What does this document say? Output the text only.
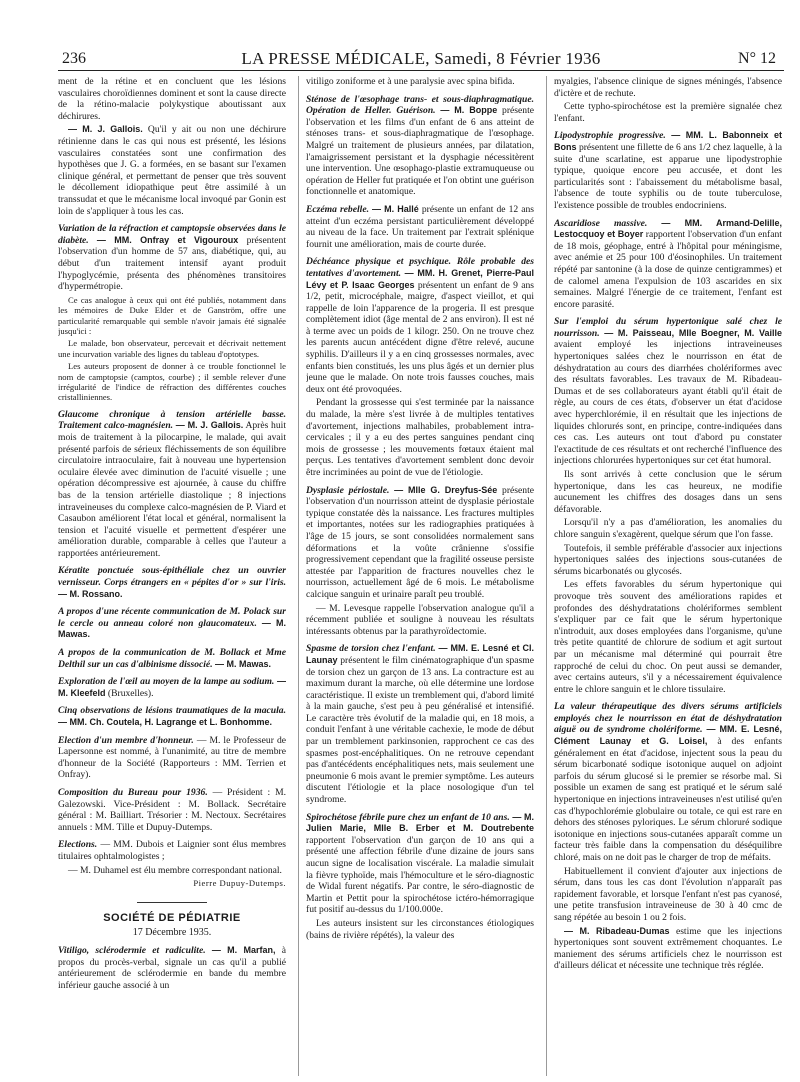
236	LA PRESSE MÉDICALE, Samedi, 8 Février 1936	N° 12

ment de la rétine et en concluent que les lésions vasculaires choroïdiennes dominent et sont la cause directe de la rétino-malacie polykystique aboutissant aux déchirures.

— M. J. Gallois. Qu'il y ait ou non une déchirure rétinienne dans le cas qui nous est présenté, les lésions vasculaires constatées sont une confirmation des hypothèses que J. G. a formées, en se basant sur l'examen clinique général, et permettant de penser que très souvent le décollement idiopathique peut être assimilé à un transsudat et que le mécanisme local invoqué par Gonin est loin de s'appliquer à tous les cas.

Variation de la réfraction et camptopsie observées dans le diabète. — MM. Onfray et Vigouroux présentent l'observation d'un homme de 57 ans, diabétique, qui, au début d'un traitement intensif ayant produit l'hypoglycémie, présenta des phénomènes transitoires d'hypermétropie.

Ce cas analogue à ceux qui ont été publiés, notamment dans les mémoires de Duke Elder et de Ganström, offre une particularité remarquable qui semble n'avoir jamais été signalée jusqu'ici :

Le malade, bon observateur, percevait et décrivait nettement une incurvation variable des lignes du tableau d'optotypes.

Les auteurs proposent de donner à ce trouble fonctionnel le nom de camptopsie (camptos, courbe) ; il semble relever d'une irrégularité de l'indice de réfraction des différentes couches cristalliniennes.

Glaucome chronique à tension artérielle basse. Traitement calco-magnésien. — M. J. Gallois. Après huit mois de traitement à la pilocarpine, le malade, qui avait présenté parfois de sérieux fléchissements de son équilibre circulatoire intraoculaire, fait à nouveau une hypertension oculaire élevée avec diminution de l'acuité visuelle ; une opération décompressive est ajournée, à cause du chiffre bas de la tension artérielle diastolique ; 8 injections intraveineuses du complexe calco-magnésien de P. Viard et Casaubon améliorent l'état local et général, normalisent la tension et l'acuité visuelle et permettent d'espérer une amélioration durable, comparable à celles que l'auteur a rapportées antérieurement.

Kératite ponctuée sous-épithéliale chez un ouvrier vernisseur. Corps étrangers en « pépites d'or » sur l'iris. — M. Rossano.

A propos d'une récente communication de M. Polack sur le cercle ou anneau coloré non glaucomateux. — M. Mawas.

A propos de la communication de M. Bollack et Mme Delthil sur un cas d'albinisme dissocié. — M. Mawas.

Exploration de l'œil au moyen de la lampe au sodium. — M. Kleefeld (Bruxelles).

Cinq observations de lésions traumatiques de la macula. — MM. Ch. Coutela, H. Lagrange et L. Bonhomme.

Election d'un membre d'honneur. — M. le Professeur de Lapersonne est nommé, à l'unanimité, au titre de membre d'honneur de la Société (Rapporteurs : MM. Terrien et Onfray).

Composition du Bureau pour 1936. — Président : M. Galezowski. Vice-Président : M. Bollack. Secrétaire général : M. Bailliart. Trésorier : M. Nectoux. Secrétaires annuels : MM. Tille et Dupuy-Dutemps.

Elections. — MM. Dubois et Laignier sont élus membres titulaires ophtalmologistes ;

— M. Duhamel est élu membre correspondant national.

Pierre Dupuy-Dutemps.

SOCIÉTÉ DE PÉDIATRIE
17 Décembre 1935.

Vitiligo, sclérodermie et radiculite. — M. Marfan, à propos du procès-verbal, signale un cas qu'il a publié antérieurement de sclérodermie en bande du membre inférieur gauche associé à un

vitiligo zoniforme et à une paralysie avec spina bifida.

Sténose de l'œsophage trans- et sous-diaphragmatique. Opération de Heller. Guérison. — M. Boppe présente l'observation et les films d'un enfant de 6 ans atteint de sténoses trans- et sous-diaphragmatique de l'œsophage. Malgré un traitement de plusieurs années, par dilatation, l'amaigrissement persistant et la dysphagie nécessitèrent une intervention. Une œsophago-plastie extramuqueuse ou opération de Heller fut pratiquée et l'on obtint une guérison fonctionnelle et anatomique.

Eczéma rebelle. — M. Hallé présente un enfant de 12 ans atteint d'un eczéma persistant particulièrement développé au niveau de la face. Un traitement par l'extrait splénique fournit une amélioration, mais de courte durée.

Déchéance physique et psychique. Rôle probable des tentatives d'avortement. — MM. H. Grenet, Pierre-Paul Lévy et P. Isaac Georges présentent un enfant de 9 ans 1/2, petit, microcéphale, maigre, d'aspect vieillot, et qui rappelle de loin l'apparence de la progeria. Il est presque complètement idiot (âge mental de 2 ans environ). Il est né à terme avec un poids de 1 kilogr. 250. On ne trouve chez les parents aucun antécédent digne d'être relevé, aucune syphilis. D'ailleurs il y a en cinq grossesses normales, avec enfants bien constitués, les uns plus âgés et un dernier plus jeune que le malade. On note trois fausses couches, mais deux ont été provoquées.

Pendant la grossesse qui s'est terminée par la naissance du malade, la mère s'est livrée à de multiples tentatives d'avortement, injections malhabiles, probablement intra-cervicales ; il y a eu des pertes sanguines pendant cinq mois de grossesse ; les mouvements fœtaux étaient mal perçus. Les tentatives d'avortement semblent donc devoir être incriminées au point de vue de l'étiologie.

Dysplasie périostale. — Mlle G. Dreyfus-Sée présente l'observation d'un nourrisson atteint de dysplasie périostale typique constatée dès la naissance. Les fractures multiples et importantes, notées sur les radiographies pratiquées à l'âge de 15 jours, se sont consolidées normalement sans déformations et la voûte crânienne s'ossifie progressivement cependant que la fragilité osseuse persiste attestée par l'apparition de fractures nouvelles chez le nourrisson, actuellement âgé de 6 mois. Le métabolisme calcique sanguin et urinaire paraît peu troublé.

— M. Levesque rappelle l'observation analogue qu'il a récemment publiée et souligne à nouveau les résultats intéressants obtenus par la parathyroïdectomie.

Spasme de torsion chez l'enfant. — MM. E. Lesné et Cl. Launay présentent le film cinématographique d'un spasme de torsion chez un garçon de 13 ans. La contracture est au maximum durant la marche, où elle détermine une lordose caractéristique. Il existe un tremblement qui, d'abord limité à la main gauche, s'est peu à peu généralisé et intensifié. Le caractère très évolutif de la maladie qui, en 18 mois, a conduit l'enfant à une véritable cachexie, le mode de début par un tremblement parkinsonien, rapprochent ce cas des spasmes post-encéphalitiques. On ne retrouve cependant pas d'antécédents encéphalitiques nets, mais seulement une pneumonie 6 mois avant le premier symptôme. Les auteurs discutent l'étiologie et la place nosologique d'un tel syndrome.

Spirochétose fébrile pure chez un enfant de 10 ans. — M. Julien Marie, Mlle B. Erber et M. Doutrebente rapportent l'observation d'un garçon de 10 ans qui a présenté une affection fébrile d'une dizaine de jours sans aucun signe de localisation viscérale. La maladie simulait la fièvre typhoïde, mais l'hémoculture et le séro-diagnostic de Widal furent négatifs. Par contre, le séro-diagnostic de Martin et Pettit pour la spirochétose ictéro-hémorragique fut positif au-dessus du 1/100.000e.

Les auteurs insistent sur les circonstances étiologiques (bains de rivière répétés), la valeur des

myalgies, l'absence clinique de signes méningés, l'absence d'ictère et de rechute.

Cette typho-spirochétose est la première signalée chez l'enfant.

Lipodystrophie progressive. — MM. L. Babonneix et Bons présentent une fillette de 6 ans 1/2 chez laquelle, à la suite d'une scarlatine, est apparue une lipodystrophie typique, quoique encore peu accusée, et dont les particularités sont : l'abaissement du métabolisme basal, l'absence de toute syphilis ou de toute tuberculose, l'existence possible de troubles endocriniens.

Ascaridiose massive. — MM. Armand-Delille, Lestocquoy et Boyer rapportent l'observation d'un enfant de 18 mois, géophage, entré à l'hôpital pour méningisme, avec anémie et 25 pour 100 d'éosinophiles. Un traitement répété par santonine (à la dose de quinze centigrammes) et de calomel amena l'expulsion de 103 ascarides en six semaines. Malgré l'énergie de ce traitement, l'enfant est encore parasité.

Sur l'emploi du sérum hypertonique salé chez le nourrisson. — M. Paisseau, Mlle Boegner, M. Vaille avaient employé les injections intraveineuses hypertoniques salées chez le nourrisson en état de déshydratation au cours des diarrhées cholériformes avec des résultats favorables. Les travaux de M. Ribadeau-Dumas et de ses collaborateurs ayant établi qu'il était de règle, au cours de ces états, d'observer un état d'acidose avec hyperchlorémie, il en résultait que les injections de liquides chlorurés sont, en principe, contre-indiquées dans ces cas. Les auteurs ont tout d'abord pu constater l'exactitude de ces résultats et ont recherché l'influence des injections chlorurées hypertoniques sur cet état humoral.

Ils sont arrivés à cette conclusion que le sérum hypertonique, dans les cas heureux, ne modifie aucunement les chiffres des dosages dans un sens défavorable.

Lorsqu'il n'y a pas d'amélioration, les anomalies du chlore sanguin s'exagèrent, quelque sérum que l'on fasse.

Toutefois, il semble préférable d'associer aux injections hypertoniques salées des injections sous-cutanées de sérums bicarbonatés ou glycosés.

Les effets favorables du sérum hypertonique qui provoque très souvent des améliorations rapides et profondes des déshydratations cholériformes semblent s'expliquer par ce fait que le sérum hypertonique n'introduit, aux doses employées dans l'organisme, qu'une très petite quantité de chlorure de sodium et agit surtout par un mécanisme mal déterminé qui pourrait être rapproché de celui du choc. On peut aussi se demander, avec certains auteurs, s'il y a nécessairement équivalence entre le chlore sanguin et le chlore tissulaire.

La valeur thérapeutique des divers sérums artificiels employés chez le nourrisson en état de déshydratation aiguë ou de syndrome cholériforme. — MM. E. Lesné, Clément Launay et G. Loisel, à des enfants généralement en état d'acidose, injectent sous la peau du sérum bicarbonaté sodique isotonique auquel on adjoint parfois du sérum glucosé si le premier se résorbe mal. Si possible un examen de sang est pratiqué et le sérum salé hypertonique en injections intraveineuses n'est utilisé qu'en cas d'hypochlorémie globulaire ou totale, ce qui est rare en dehors des sténoses pyloriques. Le sérum chloruré sodique isotonique en injections sous-cutanées apparaît comme un facteur très faible dans la compensation du déséquilibre chloré, mais on ne doit pas le charger de trop de méfaits.

Habituellement il convient d'ajouter aux injections de sérum, dans tous les cas dont l'évolution n'apparaît pas rapidement favorable, et lorsque l'enfant n'est pas cyanosé, une petite transfusion intraveineuse de 30 à 40 cmc de sang répétée au besoin 1 ou 2 fois.

— M. Ribadeau-Dumas estime que les injections hypertoniques sont souvent extrêmement choquantes. Le maniement des sérums artificiels chez le nourrisson est d'ailleurs délicat et nécessite une technique très réglée.
